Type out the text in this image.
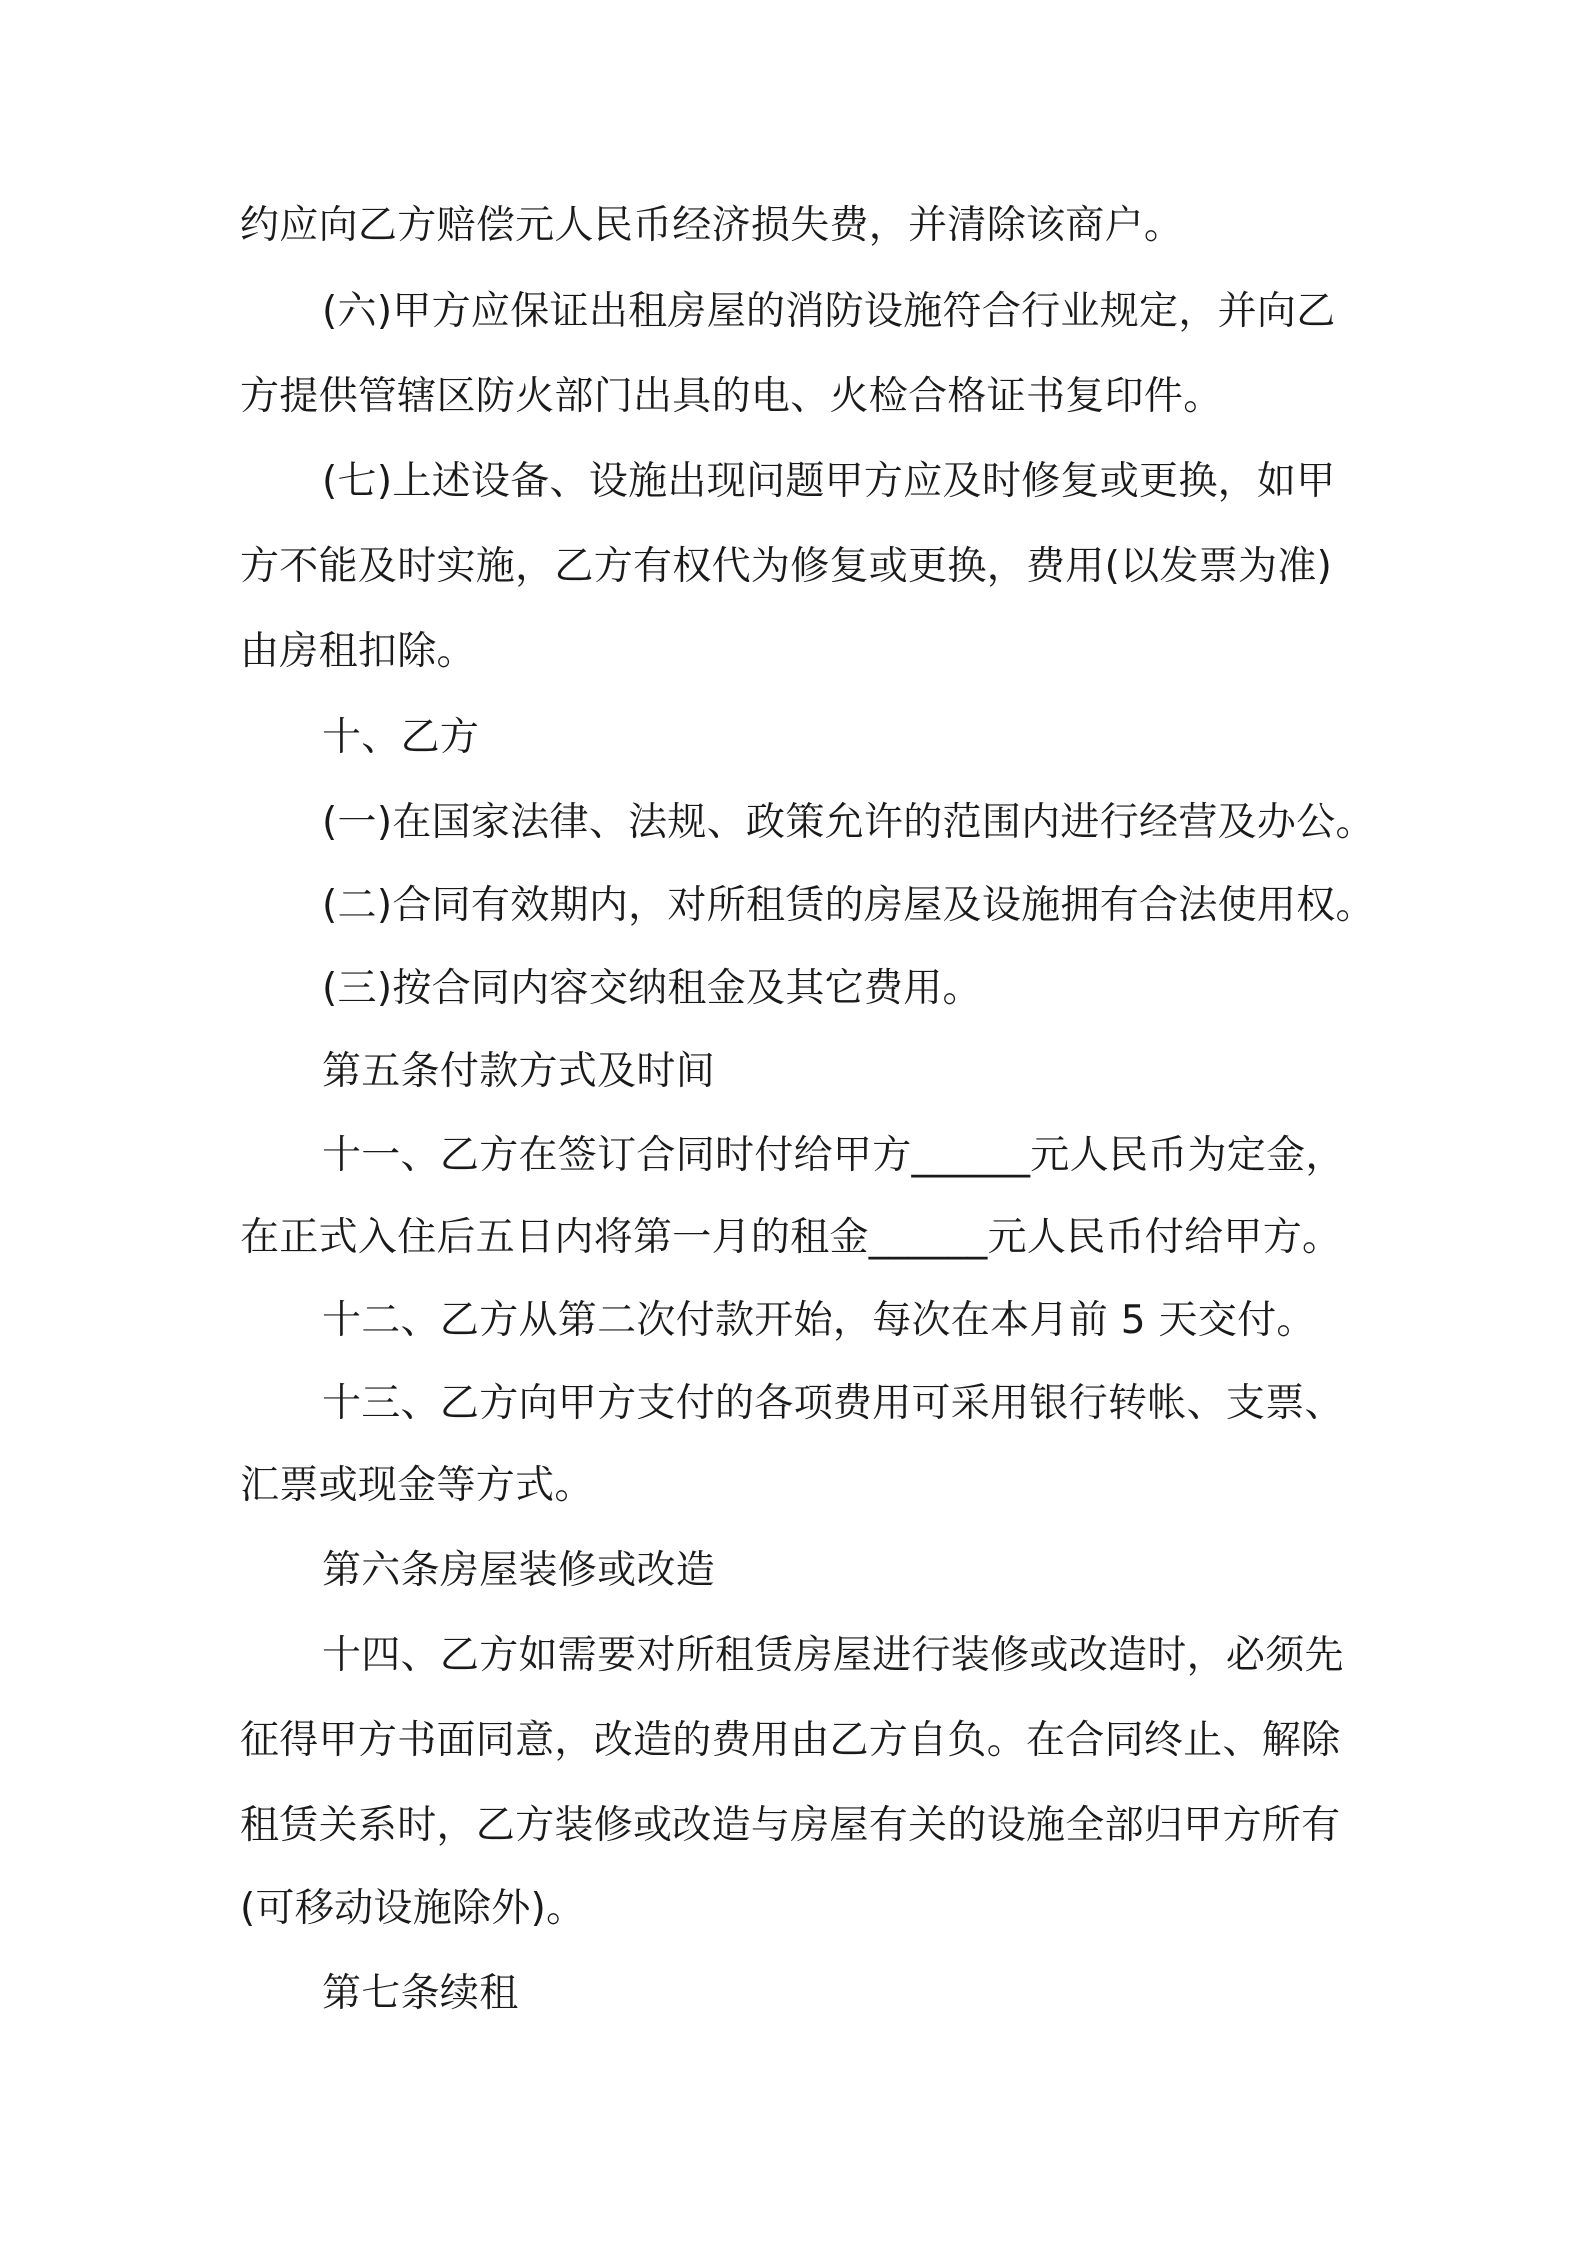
约应向乙方赔偿元人民币经济损失费，并清除该商户。

(六)甲方应保证出租房屋的消防设施符合行业规定，并向乙

方提供管辖区防火部门出具的电、火检合格证书复印件。

(七)上述设备、设施出现问题甲方应及时修复或更换，如甲

方不能及时实施，乙方有权代为修复或更换，费用(以发票为准)

由房租扣除。

十、乙方

(一)在国家法律、法规、政策允许的范围内进行经营及办公。

(二)合同有效期内，对所租赁的房屋及设施拥有合法使用权。

(三)按合同内容交纳租金及其它费用。

第五条付款方式及时间

十一、乙方在签订合同时付给甲方______元人民币为定金，

在正式入住后五日内将第一月的租金______元人民币付给甲方。

十二、乙方从第二次付款开始，每次在本月前 5 天交付。

十三、乙方向甲方支付的各项费用可采用银行转帐、支票、

汇票或现金等方式。

第六条房屋装修或改造

十四、乙方如需要对所租赁房屋进行装修或改造时，必须先

征得甲方书面同意，改造的费用由乙方自负。在合同终止、解除

租赁关系时，乙方装修或改造与房屋有关的设施全部归甲方所有

(可移动设施除外)。

第七条续租
